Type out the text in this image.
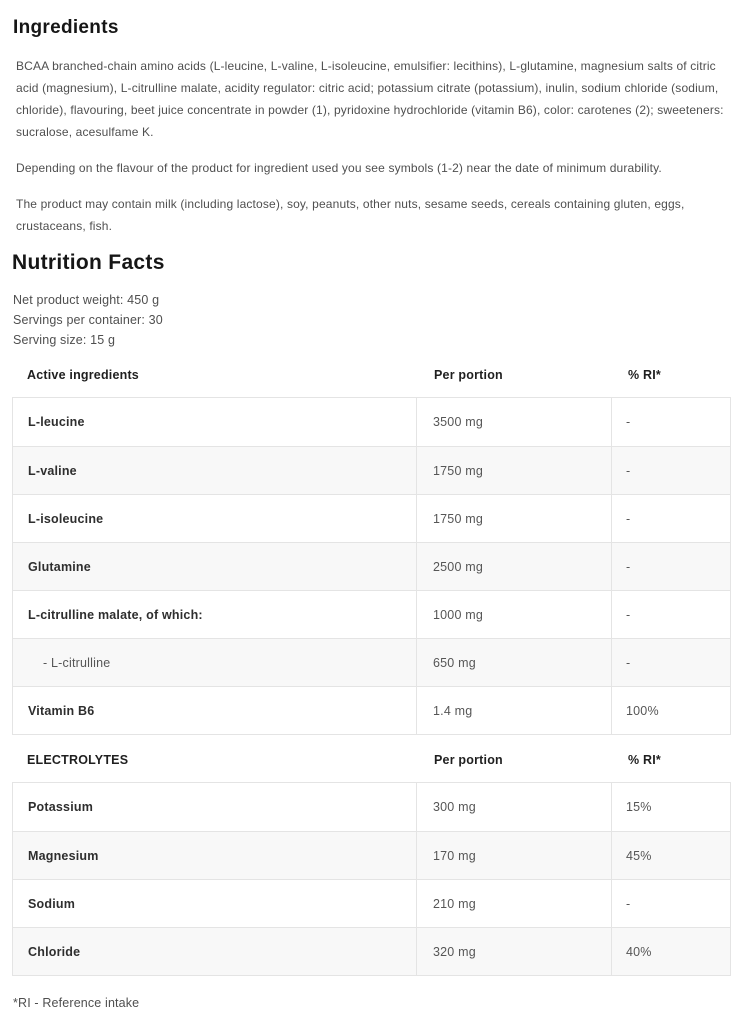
Ingredients

BCAA branched-chain amino acids (L-leucine, L-valine, L-isoleucine, emulsifier: lecithins), L-glutamine, magnesium salts of citric acid (magnesium), L-citrulline malate, acidity regulator: citric acid; potassium citrate (potassium), inulin, sodium chloride (sodium, chloride), flavouring, beet juice concentrate in powder (1), pyridoxine hydrochloride (vitamin B6), color: carotenes (2); sweeteners: sucralose, acesulfame K.

Depending on the flavour of the product for ingredient used you see symbols (1-2) near the date of minimum durability.

The product may contain milk (including lactose), soy, peanuts, other nuts, sesame seeds, cereals containing gluten, eggs, crustaceans, fish.

Nutrition Facts
Net product weight: 450 g
Servings per container: 30
Serving size: 15 g
Active ingredients	Per portion	% RI*
L-leucine	3500 mg	-
L-valine	1750 mg	-
L-isoleucine	1750 mg	-
Glutamine	2500 mg	-
L-citrulline malate, of which:	1000 mg	-
- L-citrulline	650 mg	-
Vitamin B6	1.4 mg	100%
ELECTROLYTES	Per portion	% RI*
Potassium	300 mg	15%
Magnesium	170 mg	45%
Sodium	210 mg	-
Chloride	320 mg	40%

*RI - Reference intake
